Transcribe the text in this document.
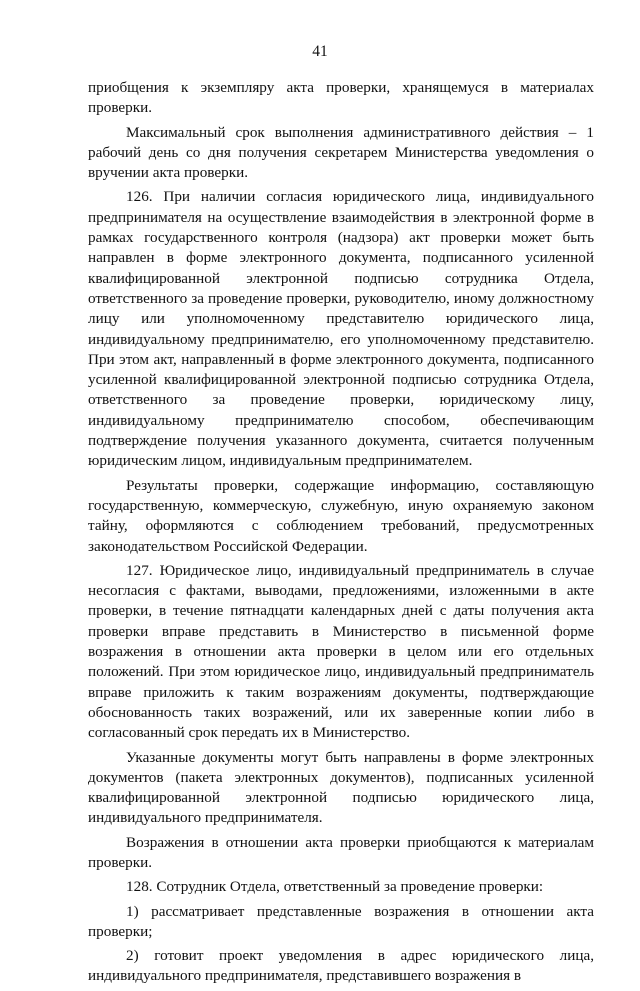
41

приобщения к экземпляру акта проверки, хранящемуся в материалах проверки.

Максимальный срок выполнения административного действия – 1 рабочий день со дня получения секретарем Министерства уведомления о вручении акта проверки.

126. При наличии согласия юридического лица, индивидуального предпринимателя на осуществление взаимодействия в электронной форме в рамках государственного контроля (надзора) акт проверки может быть направлен в форме электронного документа, подписанного усиленной квалифицированной электронной подписью сотрудника Отдела, ответственного за проведение проверки, руководителю, иному должностному лицу или уполномоченному представителю юридического лица, индивидуальному предпринимателю, его уполномоченному представителю. При этом акт, направленный в форме электронного документа, подписанного усиленной квалифицированной электронной подписью сотрудника Отдела, ответственного за проведение проверки, юридическому лицу, индивидуальному предпринимателю способом, обеспечивающим подтверждение получения указанного документа, считается полученным юридическим лицом, индивидуальным предпринимателем.

Результаты проверки, содержащие информацию, составляющую государственную, коммерческую, служебную, иную охраняемую законом тайну, оформляются с соблюдением требований, предусмотренных законодательством Российской Федерации.

127. Юридическое лицо, индивидуальный предприниматель в случае несогласия с фактами, выводами, предложениями, изложенными в акте проверки, в течение пятнадцати календарных дней с даты получения акта проверки вправе представить в Министерство в письменной форме возражения в отношении акта проверки в целом или его отдельных положений. При этом юридическое лицо, индивидуальный предприниматель вправе приложить к таким возражениям документы, подтверждающие обоснованность таких возражений, или их заверенные копии либо в согласованный срок передать их в Министерство.

Указанные документы могут быть направлены в форме электронных документов (пакета электронных документов), подписанных усиленной квалифицированной электронной подписью юридического лица, индивидуального предпринимателя.

Возражения в отношении акта проверки приобщаются к материалам проверки.

128. Сотрудник Отдела, ответственный за проведение проверки:

1) рассматривает представленные возражения в отношении акта проверки;

2) готовит проект уведомления в адрес юридического лица, индивидуального предпринимателя, представившего возражения в
